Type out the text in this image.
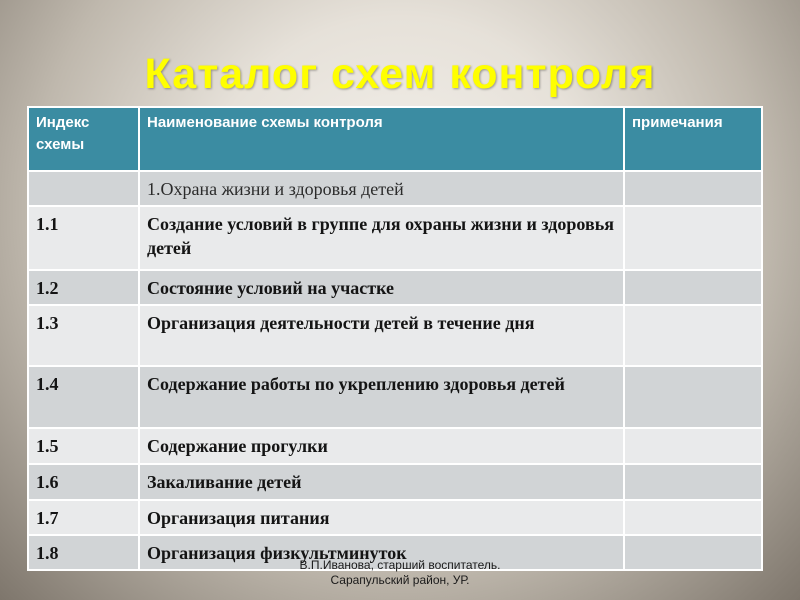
Каталог схем контроля
Индекс схемы	Наименование схемы контроля	примечания
	1.Охрана жизни и здоровья детей	
1.1	Создание условий в группе для охраны жизни и здоровья детей	
1.2	Состояние условий на участке	
1.3	Организация деятельности детей в течение дня	
1.4	Содержание работы по укреплению здоровья детей	
1.5	Содержание прогулки	
1.6	Закаливание детей	
1.7	Организация питания	
1.8	Организация физкультминуток	
В.П.Иванова, старший воспитатель.
Сарапульский район, УР.
